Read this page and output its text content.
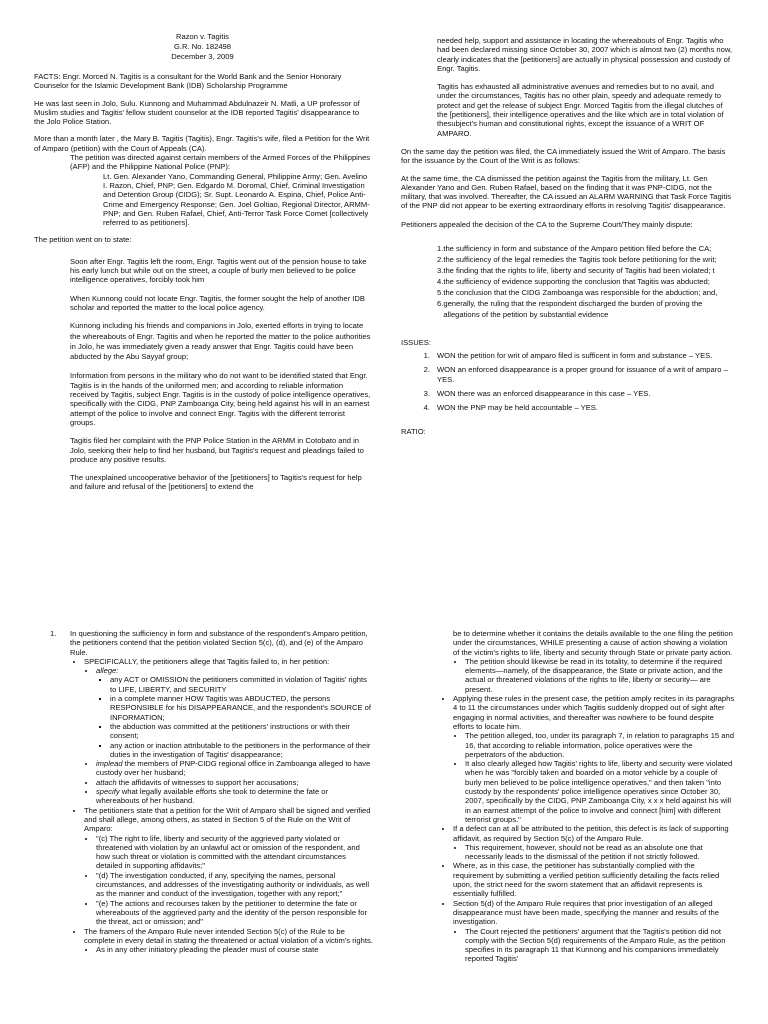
Razon v. Tagitis
G.R. No. 182498
December 3, 2009

FACTS: Engr. Morced N. Tagitis is a consultant for the World Bank and the Senior Honorary Counselor for the Islamic Development Bank (IDB) Scholarship Programme

He was last seen in Jolo, Sulu. Kunnong and Muhammad Abdulnazeir N. Matli, a UP professor of Muslim studies and Tagitis' fellow student counselor at the IDB reported Tagitis' disappearance to the Jolo Police Station.

More than a month later , the Mary B. Tagitis (Tagitis), Engr. Tagitis's wife, filed a Petition for the Writ of Amparo (petition) with the Court of Appeals (CA).

The petition was directed against certain members of the Armed Forces of the Philippines (AFP) and the Philippine National Police (PNP):
Lt. Gen. Alexander Yano, Commanding General, Philippine Army; Gen. Avelino I. Razon, Chief, PNP; Gen. Edgardo M. Doromal, Chief, Criminal Investigation and Detention Group (CIDG); Sr. Supt. Leonardo A. Espina, Chief, Police Anti-Crime and Emergency Response; Gen. Joel Goltiao, Regional Director, ARMM-PNP; and Gen. Ruben Rafael, Chief, Anti-Terror Task Force Comet [collectively referred to as petitioners].

The petition went on to state:

Soon after Engr. Tagitis left the room, Engr. Tagitis went out of the pension house to take his early lunch but while out on the street, a couple of burly men believed to be police intelligence operatives, forcibly took him

When Kunnong could not locate Engr. Tagitis, the former sought the help of another IDB scholar and reported the matter to the local police agency.

Kunnong including his friends and companions in Jolo, exerted efforts in trying to locate the whereabouts of Engr. Tagitis and when he reported the matter to the police authorities in Jolo, he was immediately given a ready answer that Engr. Tagitis could have been abducted by the Abu Sayyaf group;

Information from persons in the military who do not want to be identified stated that Engr. Tagitis is in the hands of the uniformed men; and according to reliable information received by Tagitis, subject Engr. Tagitis is in the custody of police intelligence operatives, specifically with the CIDG, PNP Zamboanga City, being held against his will in an earnest attempt of the police to involve and connect Engr. Tagitis with the different terrorist groups.

Tagitis filed her complaint with the PNP Police Station in the ARMM in Cotobato and in Jolo, seeking their help to find her husband, but Tagitis's request and pleadings failed to produce any positive results.

The unexplained uncooperative behavior of the [petitioners] to Tagitis's request for help and failure and refusal of the [petitioners] to extend the

needed help, support and assistance in locating the whereabouts of Engr. Tagitis who had been declared missing since October 30, 2007 which is almost two (2) months now, clearly indicates that the [petitioners] are actually in physical possession and custody of Engr. Tagitis.

Tagitis has exhausted all administrative avenues and remedies but to no avail, and under the circumstances, Tagitis has no other plain, speedy and adequate remedy to protect and get the release of subject Engr. Morced Tagitis from the illegal clutches of the [petitioners], their intelligence operatives and the like which are in total violation of thesubject's human and constitutional rights, except the issuance of a WRIT OF AMPARO.

On the same day the petition was filed, the CA immediately issued the Writ of Amparo. The basis for the issuance by the Court of the Writ is as follows:

At the same time, the CA dismissed the petition against the Tagitis from the military, Lt. Gen Alexander Yano and Gen. Ruben Rafael, based on the finding that it was PNP-CIDG, not the military, that was involved. Thereafter, the CA issued an ALARM WARNING that Task Force Tagitis of the PNP did not appear to be exerting extraordinary efforts in resolving Tagitis' disappearance.

Petitioners appealed the decision of the CA to the Supreme Court/They mainly dispute:

1. the sufficiency in form and substance of the Amparo petition filed before the CA;
2. the sufficiency of the legal remedies the Tagitis took before petitioning for the writ;
3. the finding that the rights to life, liberty and security of Tagitis had been violated; t
4. the sufficiency of evidence supporting the conclusion that Tagitis was abducted;
5. the conclusion that the CIDG Zamboanga was responsible for the abduction; and,
6. generally, the ruling that the respondent discharged the burden of proving the allegations of the petition by substantial evidence
ISSUES:
1. WON the petition for writ of amparo filed is sufficent in form and substance – YES.
2. WON an enforced disappearance is a proper ground for issuance of a writ of amparo – YES.
3. WON there was an enforced disappearance in this case – YES.
4. WON the PNP may be held accountable – YES.
RATIO:
1.	In questioning the sufficiency in form and substance of the respondent's Amparo petition, the petitioners contend that the petition violated Section 5(c), (d), and (e) of the Amparo Rule.
• SPECIFICALLY, the petitioners allege that Tagitis failed to, in her petition:
• allege:
▪ any ACT or OMISSION the petitioners committed in violation of Tagitis' rights to LIFE, LIBERTY, and SECURITY
▪ in a complete manner HOW Tagitis was ABDUCTED, the persons RESPONSIBLE for his DISAPPEARANCE, and the respondent's SOURCE of INFORMATION;
▪ the abduction was committed at the petitioners' instructions or with their consent;
▪ any action or inaction attributable to the petitioners in the performance of their duties in the investigation of Tagitis' disappearance;
• implead the members of PNP-CIDG regional office in Zamboanga alleged to have custody over her husband;
• attach the affidavits of witnesses to support her accusations;
• specify what legally available efforts she took to determine the fate or whereabouts of her husband.
• The petitioners state that a petition for the Writ of Amparo shall be signed and verified and shall allege, among others, as stated in Section 5 of the Rule on the Writ of Amparo:
• "(c) The right to life, liberty and security of the aggrieved party violated or threatened with violation by an unlawful act or omission of the respondent, and how such threat or violation is committed with the attendant circumstances detailed in supporting affidavits;"
• "(d) The investigation conducted, if any, specifying the names, personal circumstances, and addresses of the investigating authority or individuals, as well as the manner and conduct of the investigation, together with any report;"
• "(e) The actions and recourses taken by the petitioner to determine the fate or whereabouts of the aggrieved party and the identity of the person responsible for the threat, act or omission; and"
• The framers of the Amparo Rule never intended Section 5(c) of the Rule to be complete in every detail in stating the threatened or actual violation of a victim's rights.
• As in any other initiatory pleading the pleader must of course state
be to determine whether it contains the details available to the one filing the petition under the circumstances, WHILE presenting a cause of action showing a violation of the victim's rights to life, liberty and security through State or private party action.
• The petition should likewise be read in its totality, to determine if the required elements—namely, of the disappearance, the State or private action, and the actual or threatened violations of the rights to life, liberty or security— are present.
• Applying these rules in the present case, the petition amply recites in its paragraphs 4 to 11 the circumstances under which Tagitis suddenly dropped out of sight after engaging in normal activities, and thereafter was nowhere to be found despite efforts to locate him.
• The petition alleged, too, under its paragraph 7, in relation to paragraphs 15 and 16, that according to reliable information, police operatives were the perpetrators of the abduction.
• It also clearly alleged how Tagitis' rights to life, liberty and security were violated when he was "forcibly taken and boarded on a motor vehicle by a couple of burly men believed to be police intelligence operatives," and then taken "into custody by the respondents' police intelligence operatives since October 30, 2007, specifically by the CIDG, PNP Zamboanga City, x x x held against his will in an earnest attempt of the police to involve and connect [him] with different terrorist groups."
• If a defect can at all be attributed to the petition, this defect is its lack of supporting affidavit, as required by Section 5(c) of the Amparo Rule.
• This requirement, however, should not be read as an absolute one that necessarily leads to the dismissal of the petition if not strictly followed.
• Where, as in this case, the petitioner has substantially complied with the requirement by submitting a verified petition sufficiently detailing the facts relied upon, the strict need for the sworn statement that an affidavit represents is essentially fulfilled.
• Section 5(d) of the Amparo Rule requires that prior investigation of an alleged disappearance must have been made, specifying the manner and results of the investigation.
• The Court rejected the petitioners' argument that the Tagitis's petition did not comply with the Section 5(d) requirements of the Amparo Rule, as the petition specifies in its paragraph 11 that Kunnong and his companions immediately reported Tagitis'
